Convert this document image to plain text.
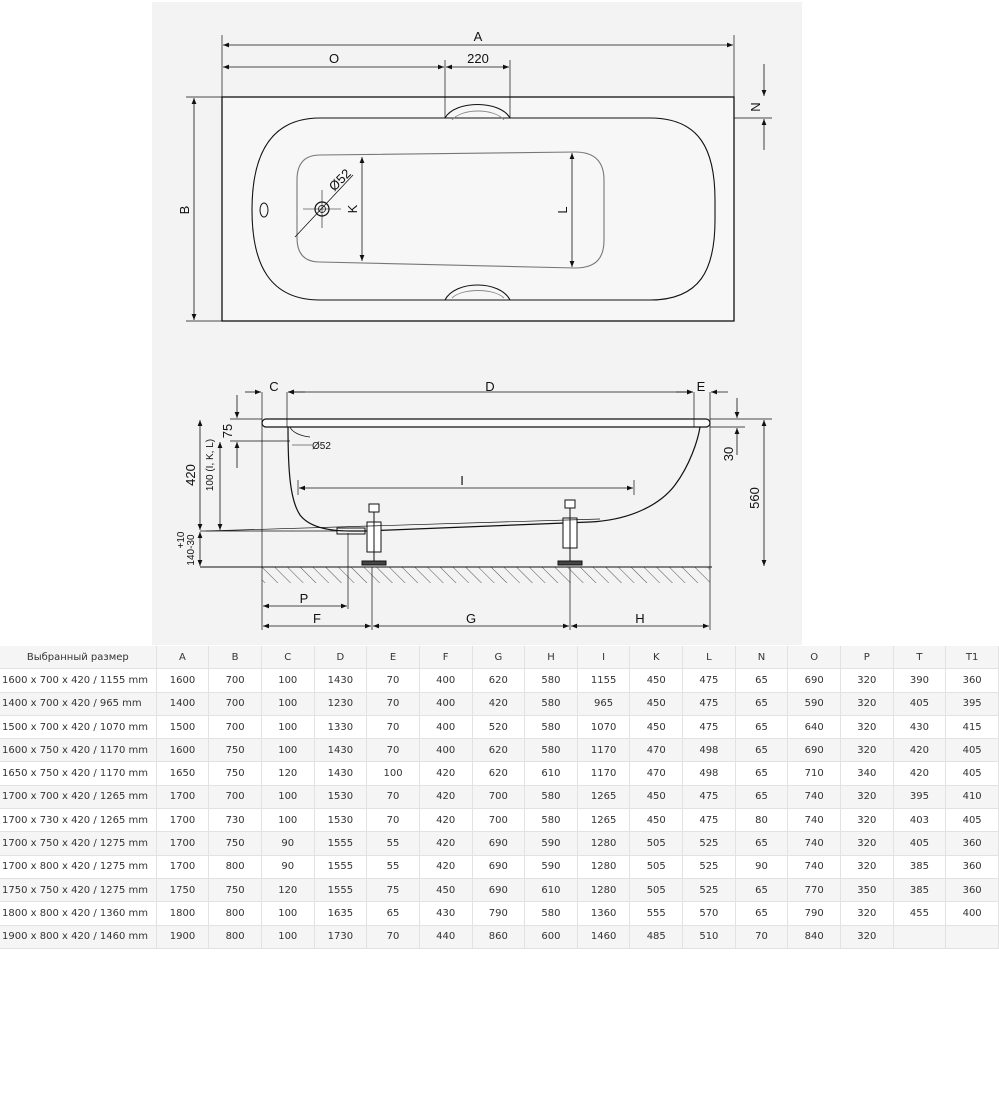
A
O	220
B
N
K	L
Ø52
C	D	E
75
420 100 (I, K, L)	Ø52
I
30
560
+10 140-30
P
F	G	H
Выбранный размер	A	B	C	D	E	F	G	H	I	K	L	N	O	P	T	T1
1600 x 700 x 420 / 1155 mm	1600	700	100	1430	70	400	620	580	1155	450	475	65	690	320	390	360
1400 x 700 x 420 / 965 mm	1400	700	100	1230	70	400	420	580	965	450	475	65	590	320	405	395
1500 x 700 x 420 / 1070 mm	1500	700	100	1330	70	400	520	580	1070	450	475	65	640	320	430	415
1600 x 750 x 420 / 1170 mm	1600	750	100	1430	70	400	620	580	1170	470	498	65	690	320	420	405
1650 x 750 x 420 / 1170 mm	1650	750	120	1430	100	420	620	610	1170	470	498	65	710	340	420	405
1700 x 700 x 420 / 1265 mm	1700	700	100	1530	70	420	700	580	1265	450	475	65	740	320	395	410
1700 x 730 x 420 / 1265 mm	1700	730	100	1530	70	420	700	580	1265	450	475	80	740	320	403	405
1700 x 750 x 420 / 1275 mm	1700	750	90	1555	55	420	690	590	1280	505	525	65	740	320	405	360
1700 x 800 x 420 / 1275 mm	1700	800	90	1555	55	420	690	590	1280	505	525	90	740	320	385	360
1750 x 750 x 420 / 1275 mm	1750	750	120	1555	75	450	690	610	1280	505	525	65	770	350	385	360
1800 x 800 x 420 / 1360 mm	1800	800	100	1635	65	430	790	580	1360	555	570	65	790	320	455	400
1900 x 800 x 420 / 1460 mm	1900	800	100	1730	70	440	860	600	1460	485	510	70	840	320		
